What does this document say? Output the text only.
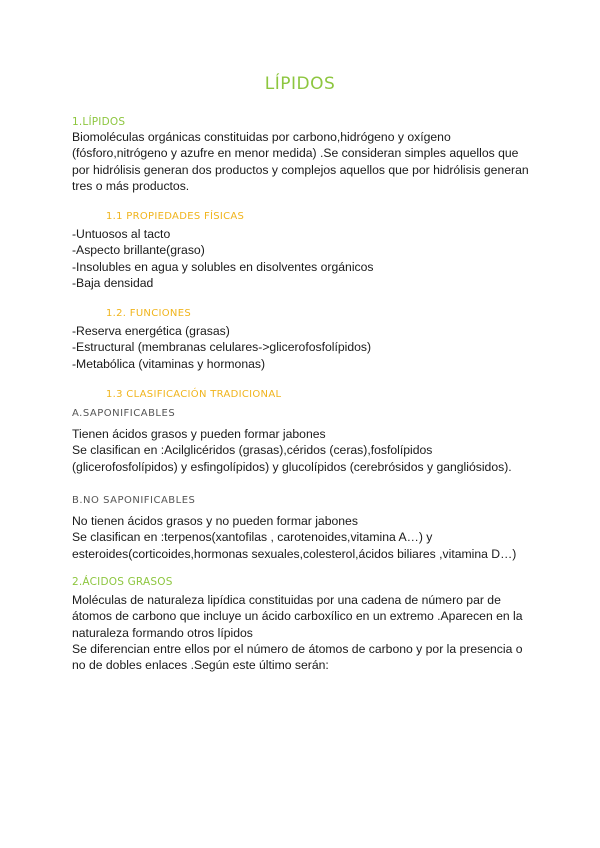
LÍPIDOS
1.LÍPIDOS
Biomoléculas orgánicas constituidas por carbono,hidrógeno y oxígeno
(fósforo,nitrógeno y azufre en menor medida) .Se consideran simples aquellos que
por hidrólisis generan dos productos y complejos aquellos que por hidrólisis generan
tres o más productos.
1.1 PROPIEDADES FÍSICAS
-Untuosos al tacto
-Aspecto brillante(graso)
-Insolubles en agua y solubles en disolventes orgánicos
-Baja densidad
1.2. FUNCIONES
-Reserva energética (grasas)
-Estructural (membranas celulares->glicerofosfolípidos)
-Metabólica (vitaminas y hormonas)
1.3 CLASIFICACIÓN TRADICIONAL
A.SAPONIFICABLES
Tienen ácidos grasos y pueden formar jabones
Se clasifican en :Acilglicéridos (grasas),céridos (ceras),fosfolípidos
(glicerofosfolípidos) y esfingolípidos) y glucolípidos (cerebrósidos y gangliósidos).
B.NO SAPONIFICABLES
No tienen ácidos grasos y no pueden formar jabones
Se clasifican en :terpenos(xantofilas , carotenoides,vitamina A…) y
esteroides(corticoides,hormonas sexuales,colesterol,ácidos biliares ,vitamina D…)
2.ÁCIDOS GRASOS
Moléculas de naturaleza lipídica constituidas por una cadena de número par de
átomos de carbono que incluye un ácido carboxílico en un extremo .Aparecen en la
naturaleza formando otros lípidos
Se diferencian entre ellos por el número de átomos de carbono y por la presencia o
no de dobles enlaces .Según este último serán:
